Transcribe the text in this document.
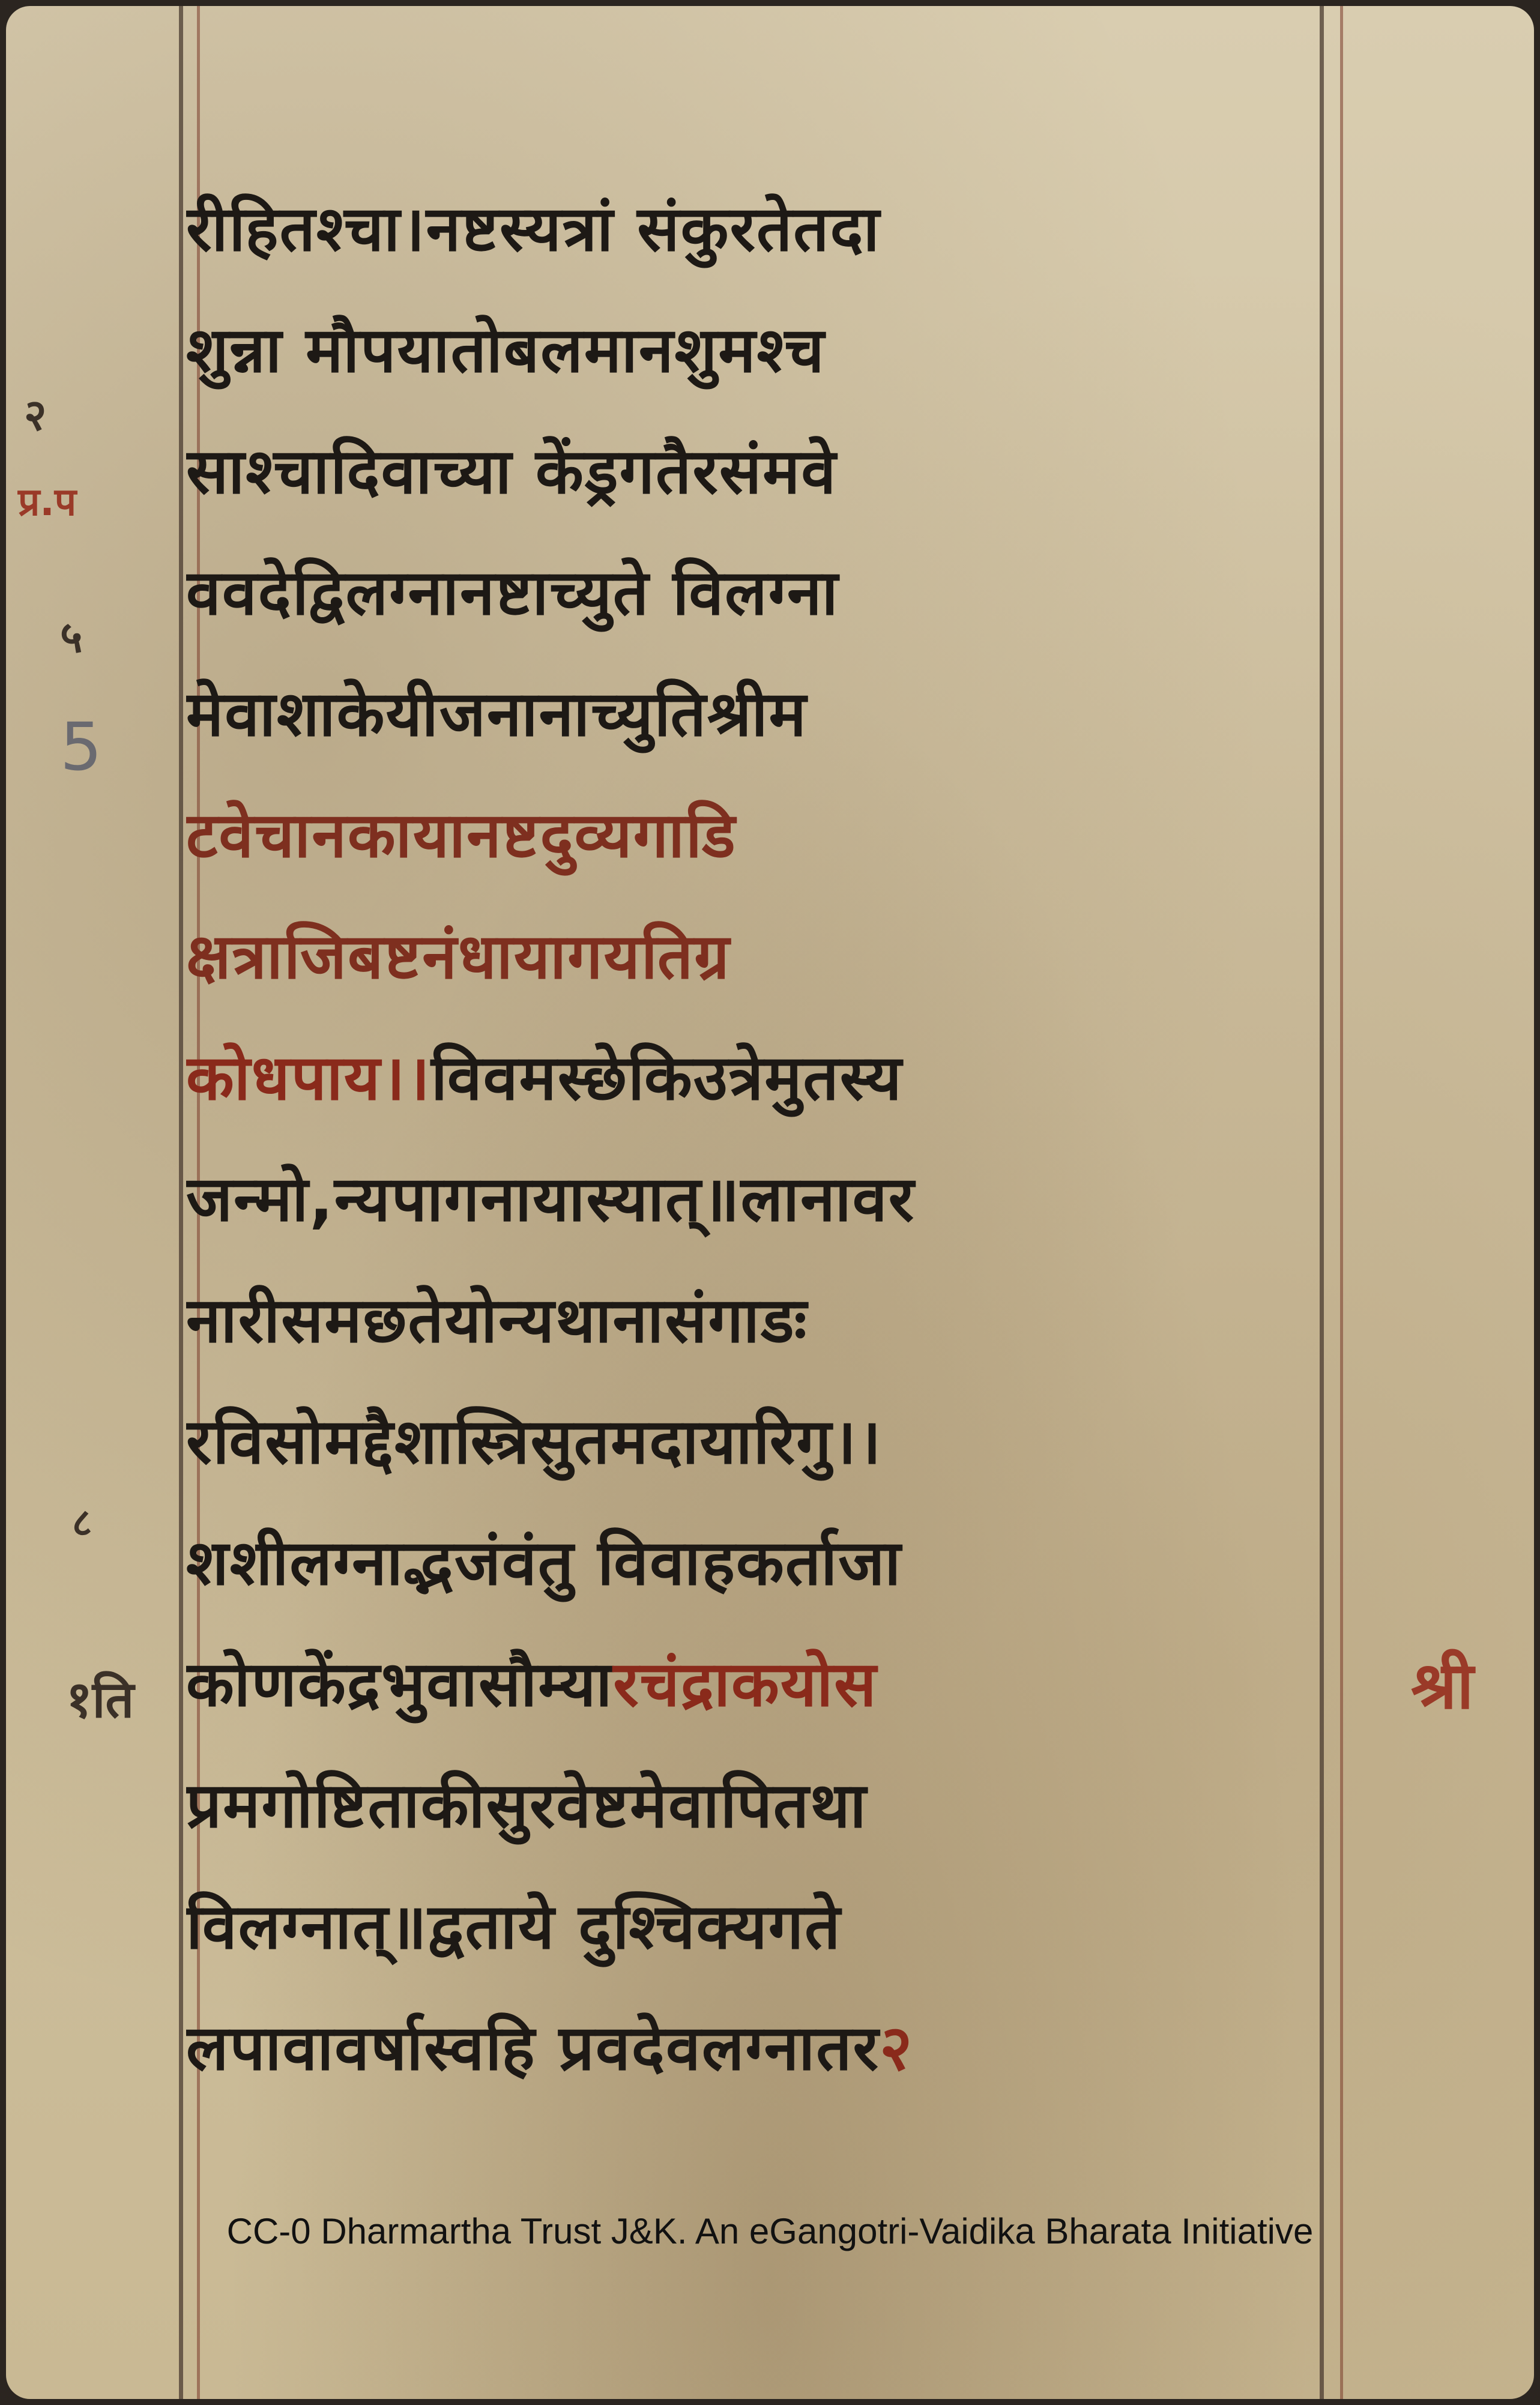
२
प्र.प
५
5
८
१ति	श्री
रीहितश्चा।नष्टस्यत्रां संकुरतेतदा
शुन्ना मौपयातोबलमानशुमश्च
साश्चादिवाच्या केंड्रगतैरसंमवे
ववदेद्विलग्नानष्टाच्युते विलग्ना
मेवाशाकेयीजनानाच्युतिश्रीम
टवेचानकायानष्टदुव्यगाडि
क्षत्राजिबष्टनंधायागयतिग्र
कोधपाय।।विवमस्छेकिउत्रेमुतस्य
जन्मो,न्यपागनायास्यात्॥लानावर
नारीसमछतेयोन्यथानासंगाडः
रविसोमद्दैशास्त्रिसुतमदायारिगु।।
शशीलग्नाद्भजंवंतु विवाहकर्ताजा
कोणकेंद्रभुवासौम्यारचंद्राकयोस
प्रमगोष्टिताकीसुरवेष्टमेवापितथा
विलग्नात्॥द्वताये दुश्चिक्यगते
लपावावर्षास्वहि प्रवदेवलग्नातर२
CC-0 Dharmartha Trust J&K. An eGangotri-Vaidika Bharata Initiative
